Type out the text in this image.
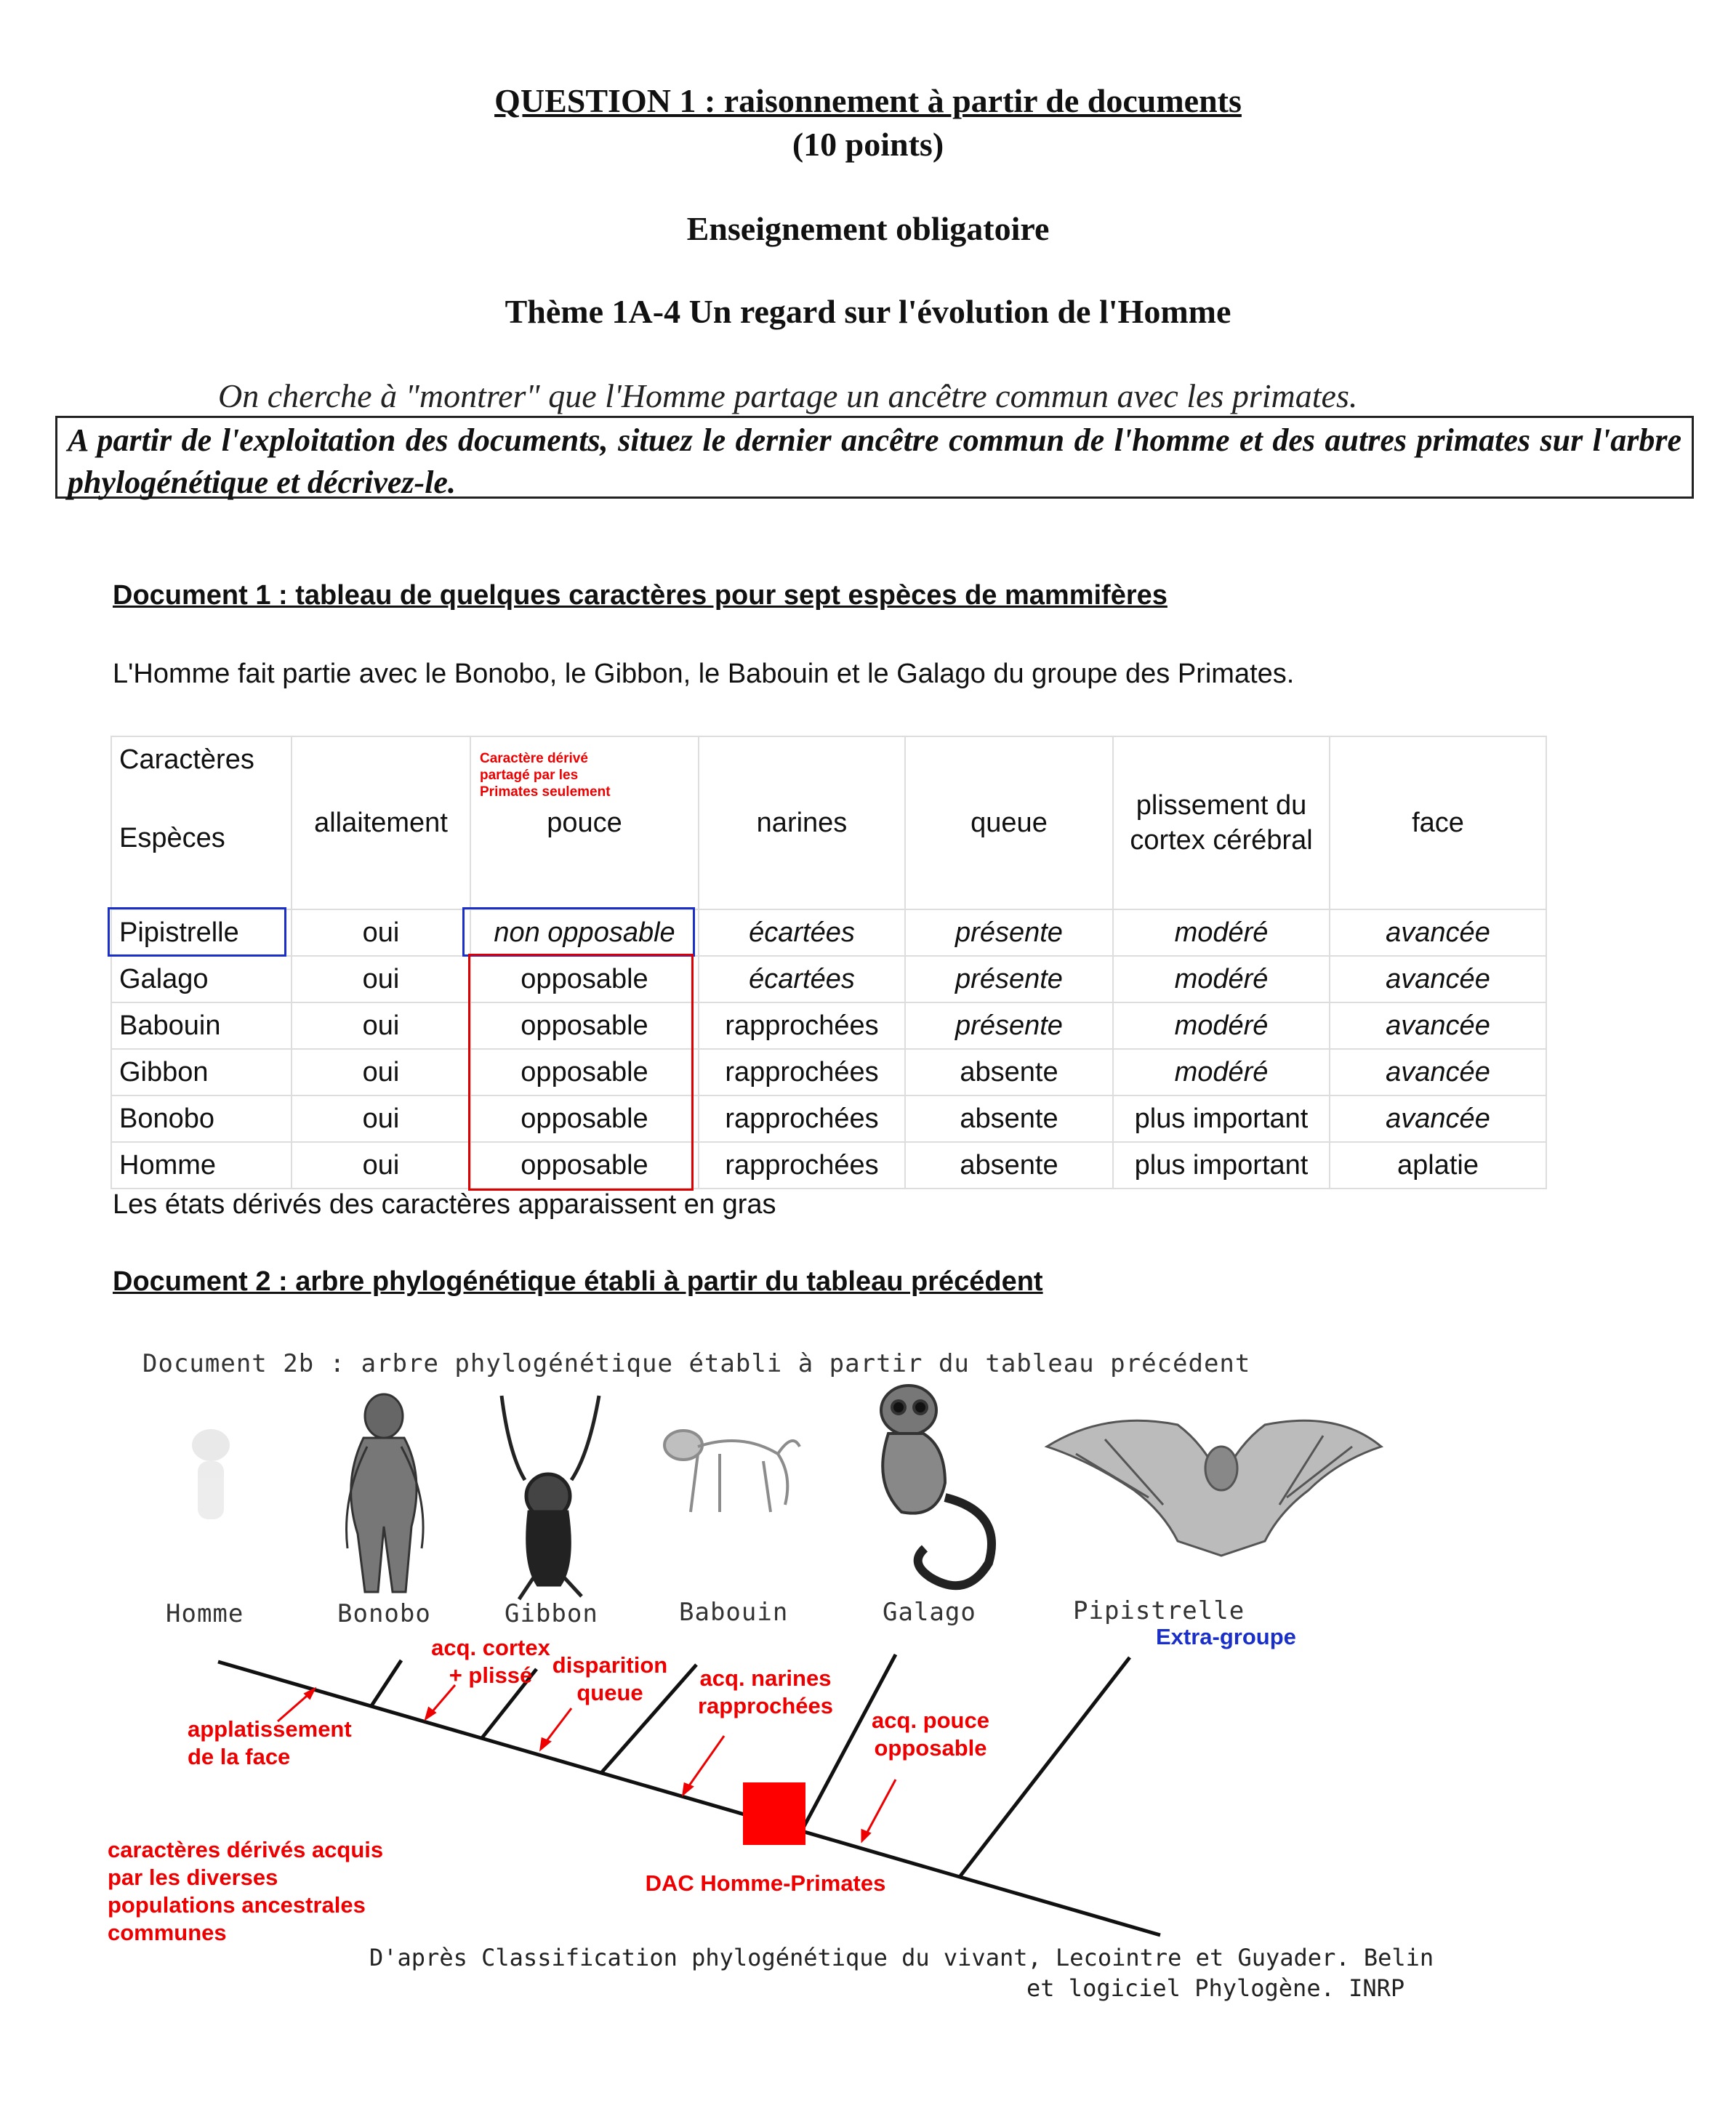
QUESTION 1 : raisonnement à partir de documents
(10 points)
Enseignement obligatoire
Thème 1A-4 Un regard sur l'évolution de l'Homme
On cherche à "montrer" que l'Homme partage un ancêtre commun avec les primates.
A partir de l'exploitation des documents, situez le dernier ancêtre commun de l'homme et des autres primates sur l'arbre phylogénétique et décrivez-le.
Document 1 : tableau de quelques caractères pour sept espèces de mammifères
L'Homme fait partie avec le Bonobo, le Gibbon, le Babouin et le Galago du groupe des Primates.
Caractères
Espèces	allaitement	pouce	narines	queue	plissement du cortex cérébral	face
Pipistrelle	oui	non opposable	écartées	présente	modéré	avancée
Galago	oui	opposable	écartées	présente	modéré	avancée
Babouin	oui	opposable	rapprochées	présente	modéré	avancée
Gibbon	oui	opposable	rapprochées	absente	modéré	avancée
Bonobo	oui	opposable	rapprochées	absente	plus important	avancée
Homme	oui	opposable	rapprochées	absente	plus important	aplatie
Caractère dérivé partagé par les Primates seulement
Les états dérivés des caractères apparaissent en gras
Document 2 : arbre phylogénétique établi à partir du tableau précédent
Document 2b : arbre phylogénétique établi à partir du tableau précédent
Homme	Bonobo	Gibbon	Babouin	Galago	Pipistrelle
Extra-groupe
applatissement de la face
acq. cortex + plissé disparition queue
acq. narines rapprochées
acq. pouce opposable
caractères dérivés acquis par les diverses populations ancestrales communes
DAC Homme-Primates
D'après Classification phylogénétique du vivant, Lecointre et Guyader. Belin
et logiciel Phylogène. INRP
